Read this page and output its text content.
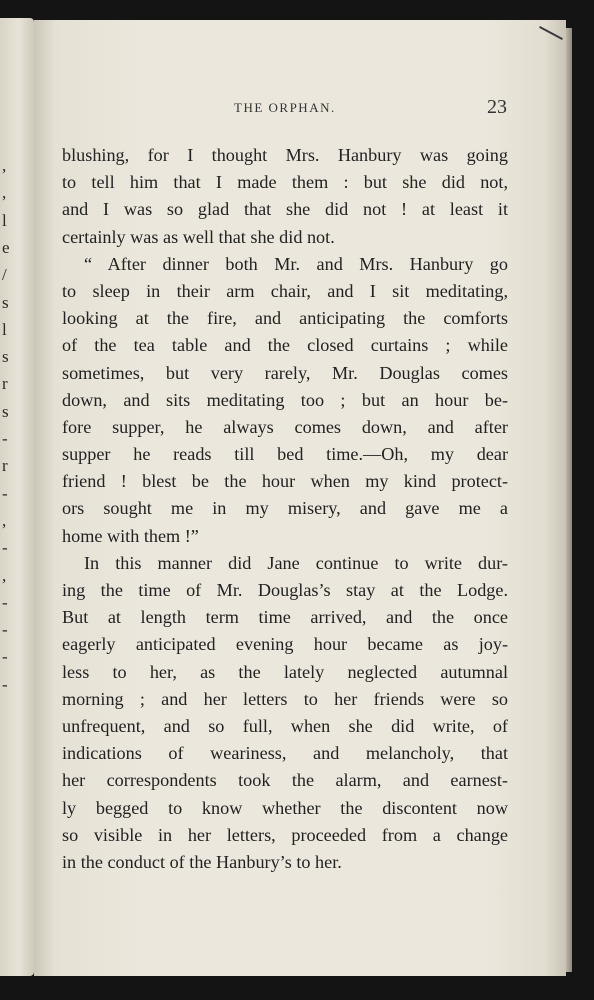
,
,
l
e
/
s
l
s
r
s
-
r
-
,
-
,
-
-
-
-
THE ORPHAN.	23
blushing, for I thought Mrs. Hanbury was going
to tell him that I made them : but she did not,
and I was so glad that she did not ! at least it
certainly was as well that she did not.
“ After dinner both Mr. and Mrs. Hanbury go
to sleep in their arm chair, and I sit meditating,
looking at the fire, and anticipating the comforts
of the tea table and the closed curtains ; while
sometimes, but very rarely, Mr. Douglas comes
down, and sits meditating too ; but an hour be-
fore supper, he always comes down, and after
supper he reads till bed time.—Oh, my dear
friend ! blest be the hour when my kind protect-
ors sought me in my misery, and gave me a
home with them !”
In this manner did Jane continue to write dur-
ing the time of Mr. Douglas’s stay at the Lodge.
But at length term time arrived, and the once
eagerly anticipated evening hour became as joy-
less to her, as the lately neglected autumnal
morning ; and her letters to her friends were so
unfrequent, and so full, when she did write, of
indications of weariness, and melancholy, that
her correspondents took the alarm, and earnest-
ly begged to know whether the discontent now
so visible in her letters, proceeded from a change
in the conduct of the Hanbury’s to her.
